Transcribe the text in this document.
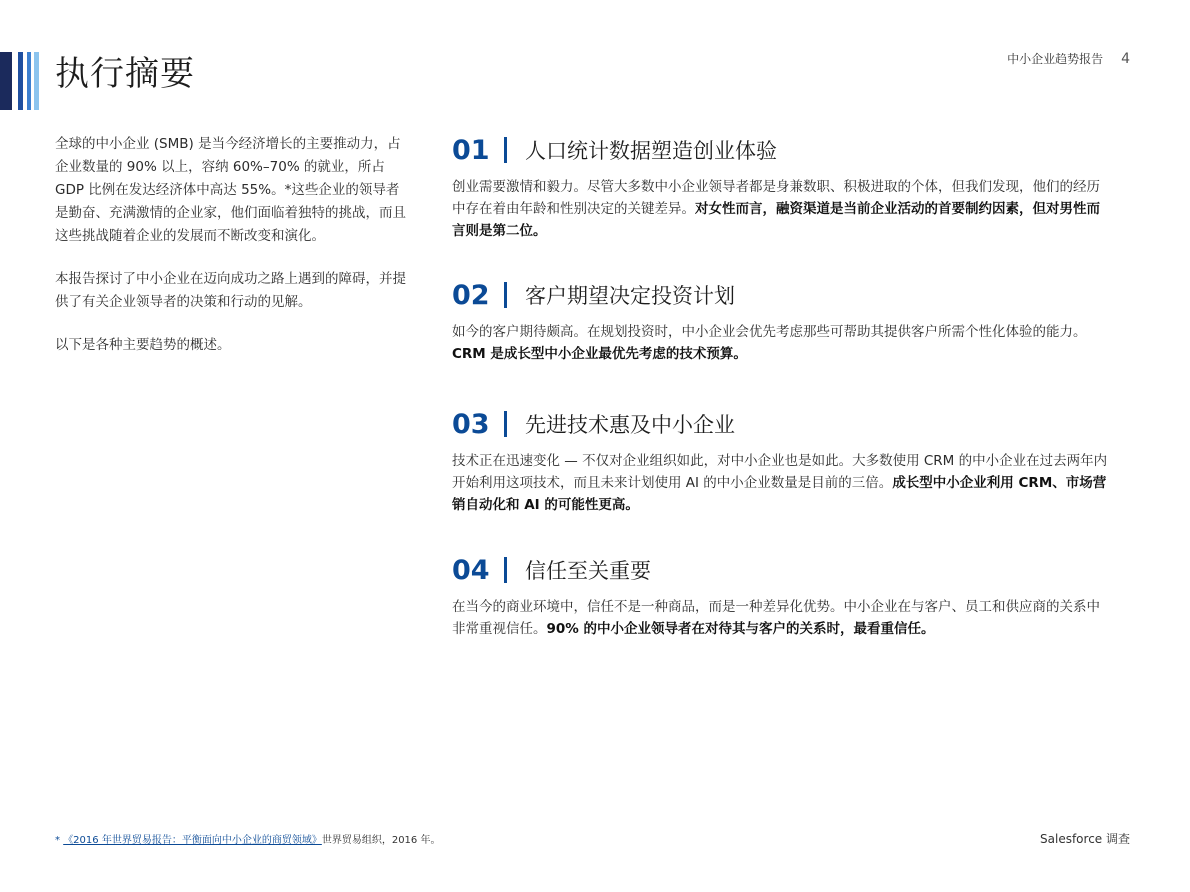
执行摘要	中小企业趋势报告 4

全球的中小企业 (SMB) 是当今经济增长的主要推动力，占企业数量的 90% 以上，容纳 60%–70% 的就业，所占 GDP 比例在发达经济体中高达 55%。*这些企业的领导者是勤奋、充满激情的企业家，他们面临着独特的挑战，而且这些挑战随着企业的发展而不断改变和演化。

本报告探讨了中小企业在迈向成功之路上遇到的障碍，并提供了有关企业领导者的决策和行动的见解。

以下是各种主要趋势的概述。

01	人口统计数据塑造创业体验

创业需要激情和毅力。尽管大多数中小企业领导者都是身兼数职、积极进取的个体，但我们发现，他们的经历中存在着由年龄和性别决定的关键差异。对女性而言，融资渠道是当前企业活动的首要制约因素，但对男性而言则是第二位。

02	客户期望决定投资计划

如今的客户期待颇高。在规划投资时，中小企业会优先考虑那些可帮助其提供客户所需个性化体验的能力。CRM 是成长型中小企业最优先考虑的技术预算。

03	先进技术惠及中小企业

技术正在迅速变化 — 不仅对企业组织如此，对中小企业也是如此。大多数使用 CRM 的中小企业在过去两年内开始利用这项技术，而且未来计划使用 AI 的中小企业数量是目前的三倍。成长型中小企业利用 CRM、市场营销自动化和 AI 的可能性更高。

04	信任至关重要

在当今的商业环境中，信任不是一种商品，而是一种差异化优势。中小企业在与客户、员工和供应商的关系中非常重视信任。90% 的中小企业领导者在对待其与客户的关系时，最看重信任。

* 《2016 年世界贸易报告：平衡面向中小企业的商贸领域》世界贸易组织，2016 年。	Salesforce 调查
